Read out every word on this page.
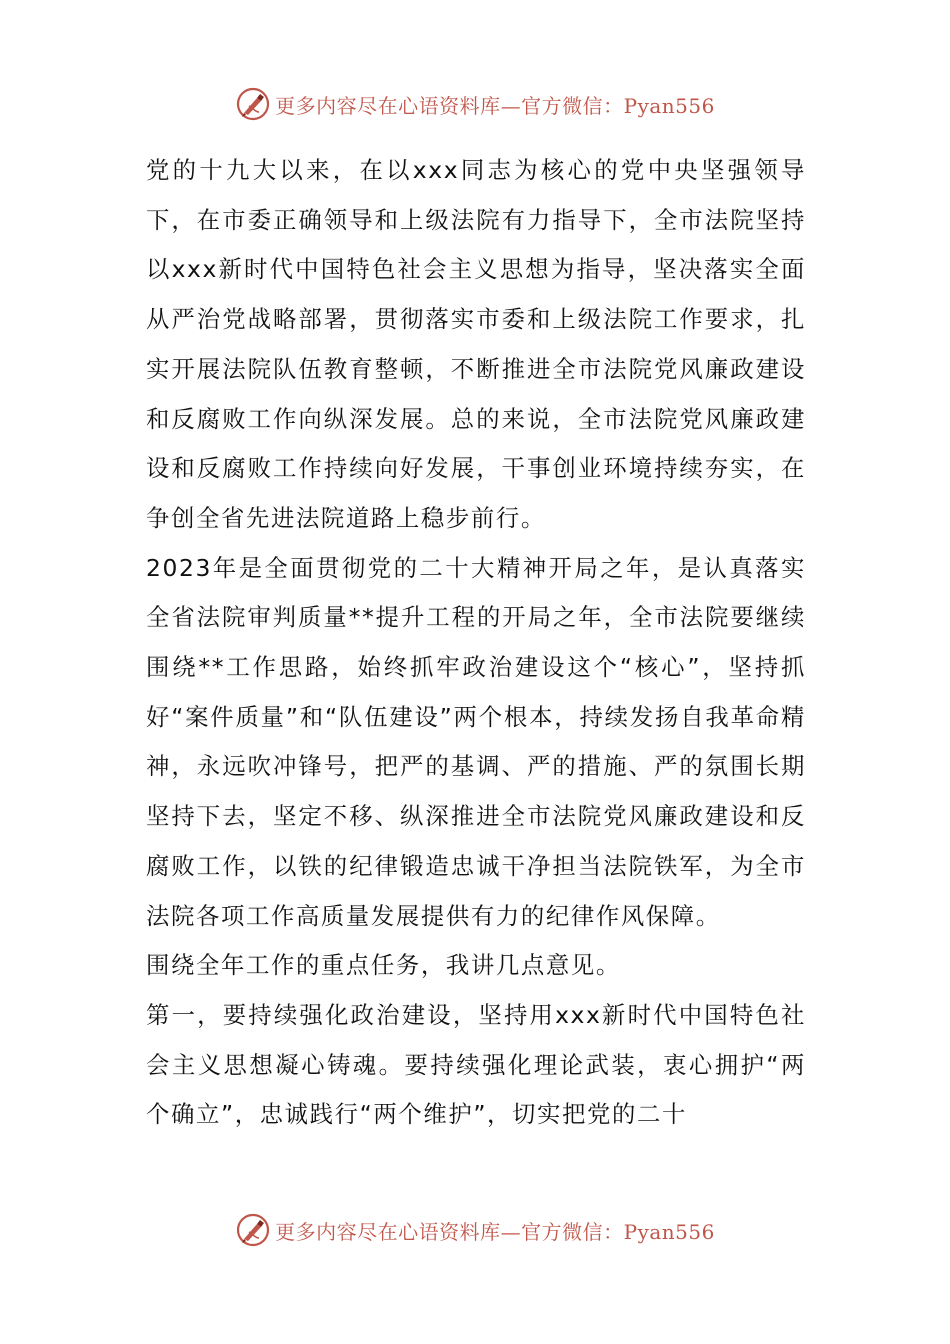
更多内容尽在心语资料库—官方微信：Pyan556

党的十九大以来，在以xxx同志为核心的党中央坚强领导下，在市委正确领导和上级法院有力指导下，全市法院坚持以xxx新时代中国特色社会主义思想为指导，坚决落实全面从严治党战略部署，贯彻落实市委和上级法院工作要求，扎实开展法院队伍教育整顿，不断推进全市法院党风廉政建设和反腐败工作向纵深发展。总的来说，全市法院党风廉政建设和反腐败工作持续向好发展，干事创业环境持续夯实，在争创全省先进法院道路上稳步前行。

2023年是全面贯彻党的二十大精神开局之年，是认真落实全省法院审判质量**提升工程的开局之年，全市法院要继续围绕**工作思路，始终抓牢政治建设这个“核心”，坚持抓好“案件质量”和“队伍建设”两个根本，持续发扬自我革命精神，永远吹冲锋号，把严的基调、严的措施、严的氛围长期坚持下去，坚定不移、纵深推进全市法院党风廉政建设和反腐败工作，以铁的纪律锻造忠诚干净担当法院铁军，为全市法院各项工作高质量发展提供有力的纪律作风保障。

围绕全年工作的重点任务，我讲几点意见。

第一，要持续强化政治建设，坚持用xxx新时代中国特色社会主义思想凝心铸魂。要持续强化理论武装，衷心拥护“两个确立”，忠诚践行“两个维护”，切实把党的二十

更多内容尽在心语资料库—官方微信：Pyan556
